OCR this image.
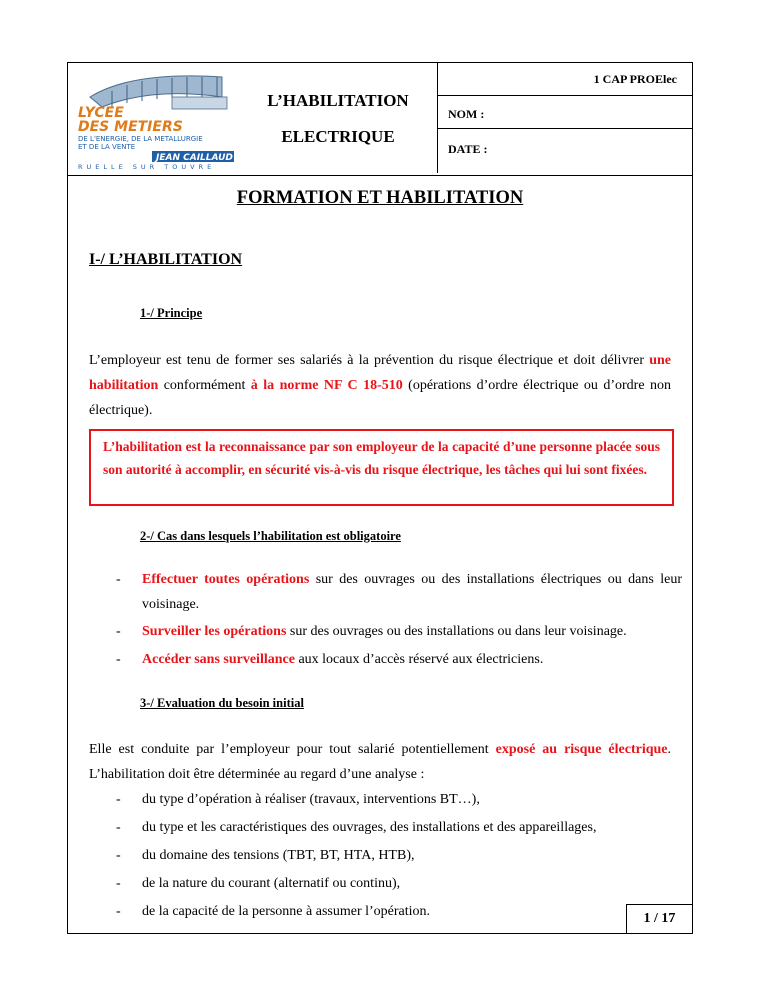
LYCEE
DES METIERS
DE L'ENERGIE, DE LA METALLURGIE
ET DE LA VENTE
JEAN CAILLAUD
RUELLE SUR TOUVRE
L’HABILITATION
ELECTRIQUE
1 CAP PROElec
NOM :
DATE :
FORMATION ET HABILITATION
I-/ L’HABILITATION
1-/ Principe
L’employeur est tenu de former ses salariés à la prévention du risque électrique et doit délivrer une habilitation conformément à la norme NF C 18-510 (opérations d’ordre électrique ou d’ordre non électrique).
L’habilitation est la reconnaissance par son employeur de la capacité d’une personne placée sous son autorité à accomplir, en sécurité vis-à-vis du risque électrique, les tâches qui lui sont fixées.
2-/ Cas dans lesquels l’habilitation est obligatoire
- Effectuer toutes opérations sur des ouvrages ou des installations électriques ou dans leur voisinage.
- Surveiller les opérations sur des ouvrages ou des installations ou dans leur voisinage.
- Accéder sans surveillance aux locaux d’accès réservé aux électriciens.
3-/ Evaluation du besoin initial
Elle est conduite par l’employeur pour tout salarié potentiellement exposé au risque électrique. L’habilitation doit être déterminée au regard d’une analyse :
- du type d’opération à réaliser (travaux, interventions BT…),
- du type et les caractéristiques des ouvrages, des installations et des appareillages,
- du domaine des tensions (TBT, BT, HTA, HTB),
- de la nature du courant (alternatif ou continu),
- de la capacité de la personne à assumer l’opération.	1 / 17
